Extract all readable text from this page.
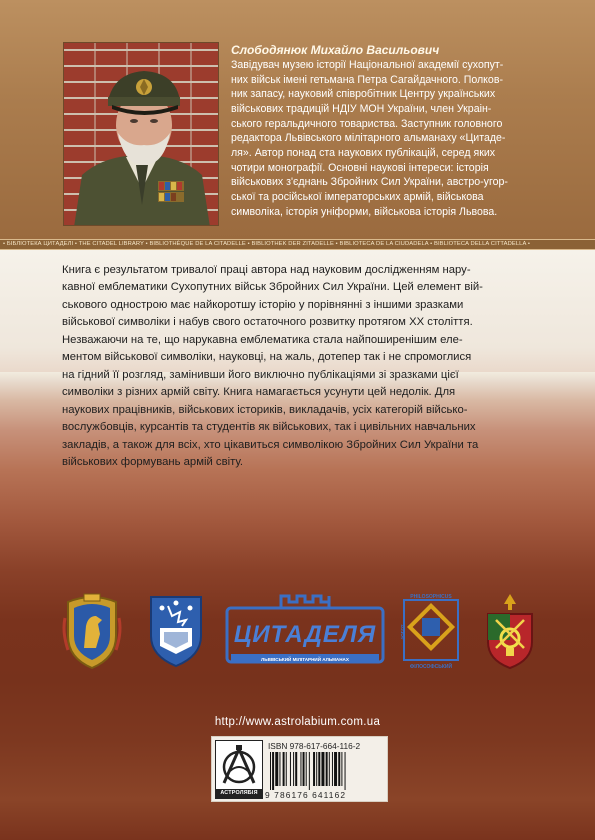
Слободянюк Михайло Васильович
Завідувач музею історії Національної академії сухопут-
них військ імені гетьмана Петра Сагайдачного. Полков-
ник запасу, науковий співробітник Центру українських
військових традицій НДІУ МОН України, член Украін-
ського геральдичного товариства. Заступник головного
редактора Львівського мілітарного альманаху «Цитаде-
ля». Автор понад ста наукових публікацій, серед яких
чотири монографії. Основні наукові інтереси: історія
військових з'єднань Збройних Сил України, австро-угор-
ської та російської імператорських армій, військова
символіка, історія уніформи, військова історія Львова.
• БІБЛІОТЕКА ЦИТАДЕЛІ • THE CITADEL LIBRARY • BIBLIOTHÈQUE DE LA CITADELLE • BIBLIOTHEK DER ZITADELLE • BIBLIOTECA DE LA CIUDADELA • BIBLIOTECA DELLA CITTADELLA •
Книга є результатом тривалої праці автора над науковим дослідженням нару-
кавної емблематики Сухопутних військ Збройних Сил України. Цей елемент вій-
ськового однострою має найкоротшу історію у порівнянні з іншими зразками
військової символіки і набув свого остаточного розвитку протягом XX століття.
Незважаючи на те, що нарукавна емблематика стала найпоширенішим еле-
ментом військової символіки, науковці, на жаль, дотепер так і не спромоглися
на гідний її розгляд, замінивши його виключно публікаціями зі зразками цієї
символіки з різних армій світу. Книга намагається усунути цей недолік. Для
наукових працівників, військових істориків, викладачів, усіх категорій військо-
вослужбовців, курсантів та студентів як військових, так і цивільних навчальних
закладів, а також для всіх, хто цікавиться символікою Збройних Сил України та
військових формувань армій світу.
ЦИТАДЕЛЯ
ЛЬВІВСЬКИЙ МІЛІТАРНИЙ АЛЬМАНАХ
PHILOSOPHICUS
ΛΟΓΟΣ
ФІЛОСОФСЬКИЙ
http://www.astrolabium.com.ua
АСТРОЛЯБІЯ
ISBN 978-617-664-116-2
9 786176 641162
